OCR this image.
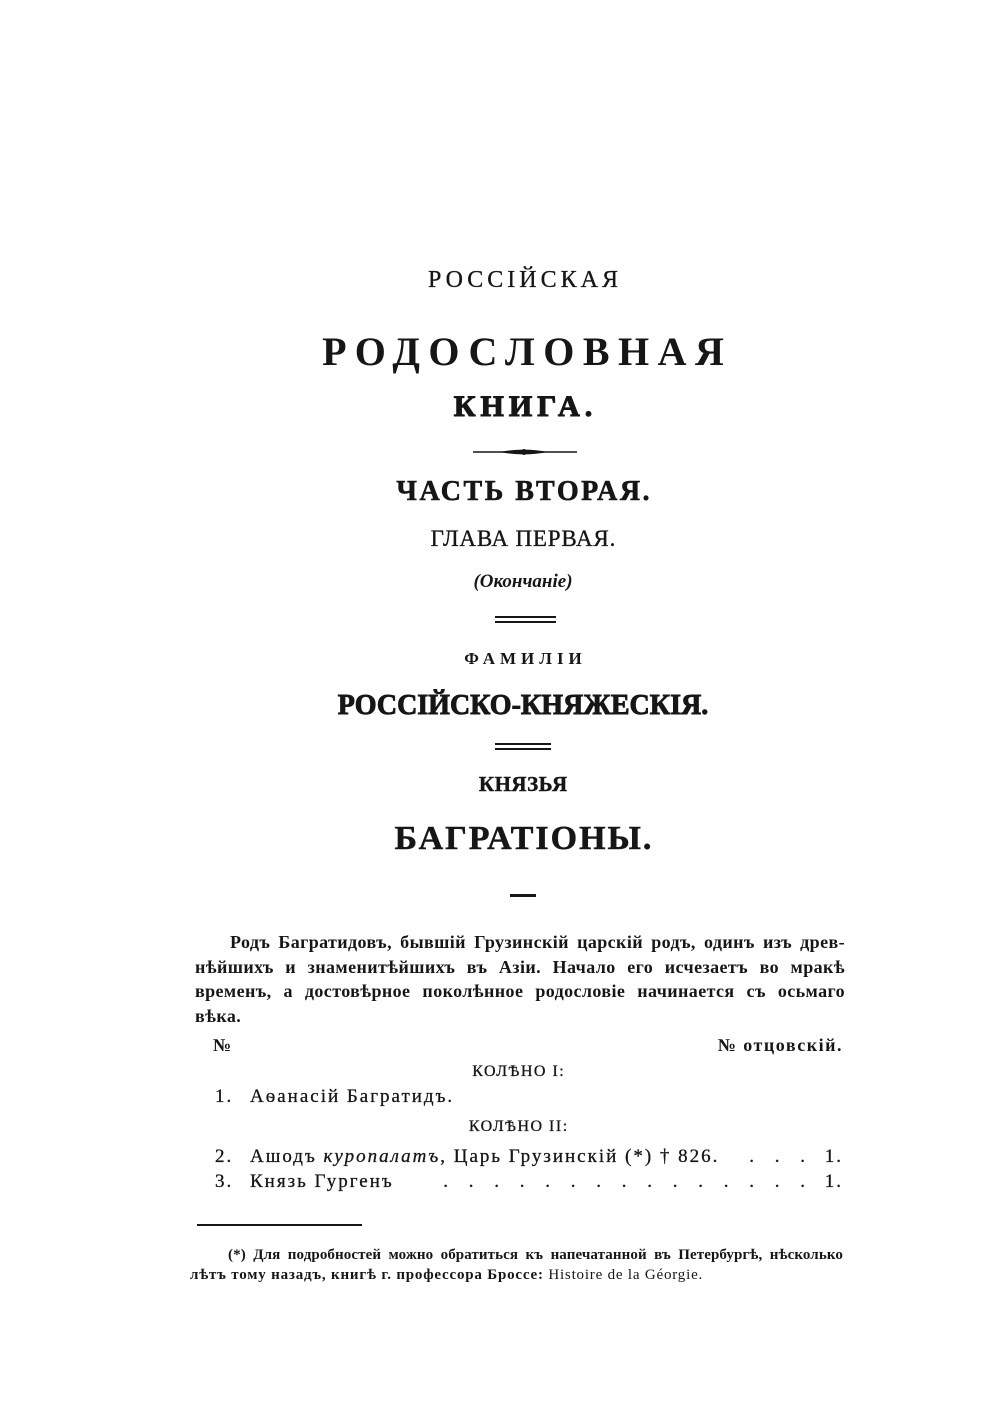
РОССІЙСКАЯ
РОДОСЛОВНАЯ
КНИГА.
ЧАСТЬ ВТОРАЯ.
ГЛАВА ПЕРВАЯ.
(Окончаніе)
ФАМИЛІИ
РОССІЙСКО-КНЯЖЕСКІЯ.
КНЯЗЬЯ
БАГРАТІОНЫ.
Родъ Багратидовъ, бывшій Грузинскій царскій родъ, одинъ изъ древ-
нѣйшихъ и знаменитѣйшихъ въ Азіи. Начало его исчезаетъ во мракѣ
временъ, а достовѣрное поколѣнное родословіе начинается съ осьмаго
вѣка.
№	№ отцовскій.
КОЛѢНО I:
1. Аѳанасій Багратидъ.
КОЛѢНО II:
2. Ашодъ куропалатъ, Царь Грузинскій (*) † 826.	. . . 1.
3. Князь Гургенъ	. . . . . . . . . . . . . . . 1.
(*) Для подробностей можно обратиться къ напечатанной въ Петербургѣ, нѣсколько
лѣтъ тому назадъ, книгѣ г. профессора Броссе: Histoire de la Géorgie.
